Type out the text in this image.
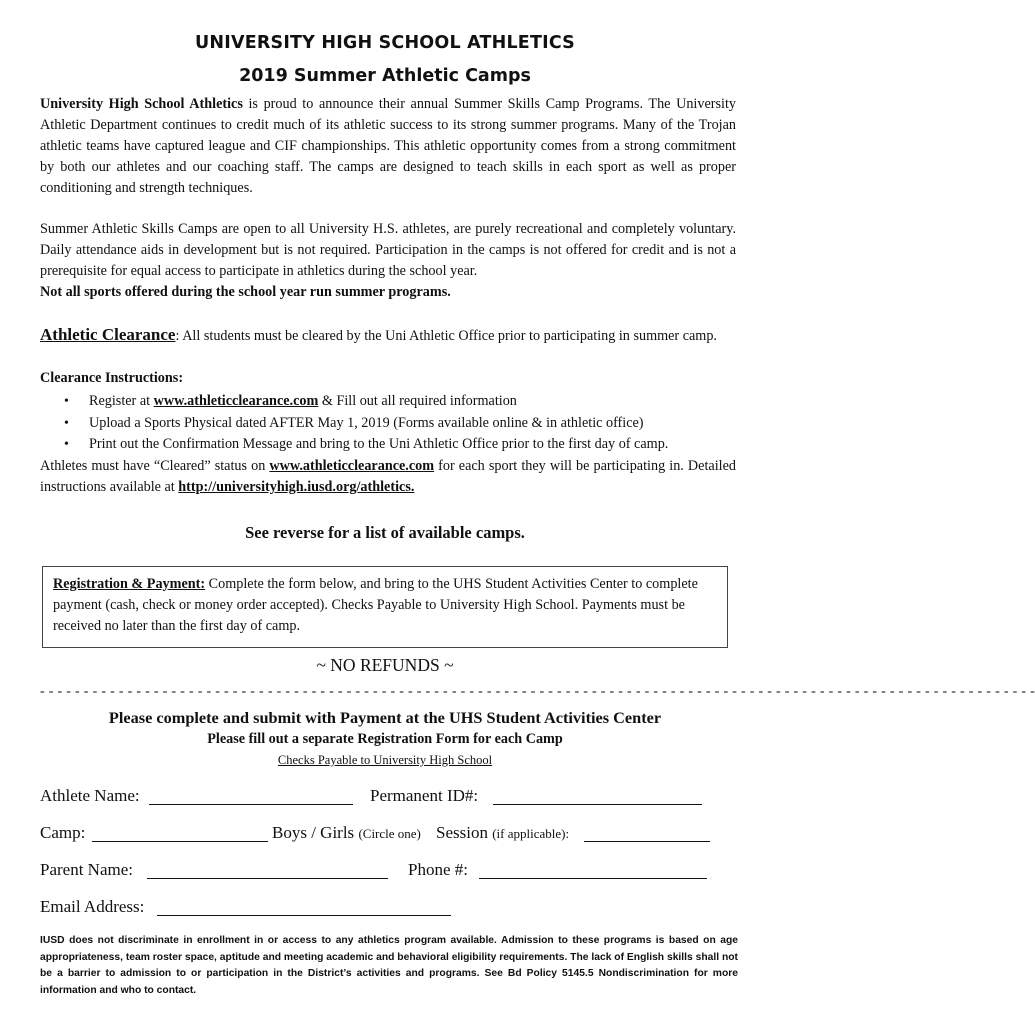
UNIVERSITY HIGH SCHOOL ATHLETICS
2019 Summer Athletic Camps
University High School Athletics is proud to announce their annual Summer Skills Camp Programs. The University Athletic Department continues to credit much of its athletic success to its strong summer programs. Many of the Trojan athletic teams have captured league and CIF championships. This athletic opportunity comes from a strong commitment by both our athletes and our coaching staff. The camps are designed to teach skills in each sport as well as proper conditioning and strength techniques.
Summer Athletic Skills Camps are open to all University H.S. athletes, are purely recreational and completely voluntary. Daily attendance aids in development but is not required. Participation in the camps is not offered for credit and is not a prerequisite for equal access to participate in athletics during the school year.
Not all sports offered during the school year run summer programs.
Athletic Clearance: All students must be cleared by the Uni Athletic Office prior to participating in summer camp.
Clearance Instructions:
• Register at www.athleticclearance.com & Fill out all required information
• Upload a Sports Physical dated AFTER May 1, 2019 (Forms available online & in athletic office)
• Print out the Confirmation Message and bring to the Uni Athletic Office prior to the first day of camp.
Athletes must have “Cleared” status on www.athleticclearance.com for each sport they will be participating in. Detailed instructions available at http://universityhigh.iusd.org/athletics.
See reverse for a list of available camps.
Registration & Payment: Complete the form below, and bring to the UHS Student Activities Center to complete payment (cash, check or money order accepted). Checks Payable to University High School. Payments must be received no later than the first day of camp.
~ NO REFUNDS ~
- - - - - - - - - - - - - - - - - - - - - - - - - - - - - - - - - - - - - - - - - - - - - - - - - - - - - - - - - - - - - - - - - - - - - - - - - - - - - - - - - - - - - - - - - - - - - - - - - - - - - - - - - - - - - - - - - -
Please complete and submit with Payment at the UHS Student Activities Center
Please fill out a separate Registration Form for each Camp
Checks Payable to University High School
Athlete Name:	Permanent ID#:
Camp:	Boys / Girls (Circle one) Session (if applicable):
Parent Name:	Phone #:
Email Address:
IUSD does not discriminate in enrollment in or access to any athletics program available. Admission to these programs is based on age appropriateness, team roster space, aptitude and meeting academic and behavioral eligibility requirements. The lack of English skills shall not be a barrier to admission to or participation in the District’s activities and programs. See Bd Policy 5145.5 Nondiscrimination for more information and who to contact.
